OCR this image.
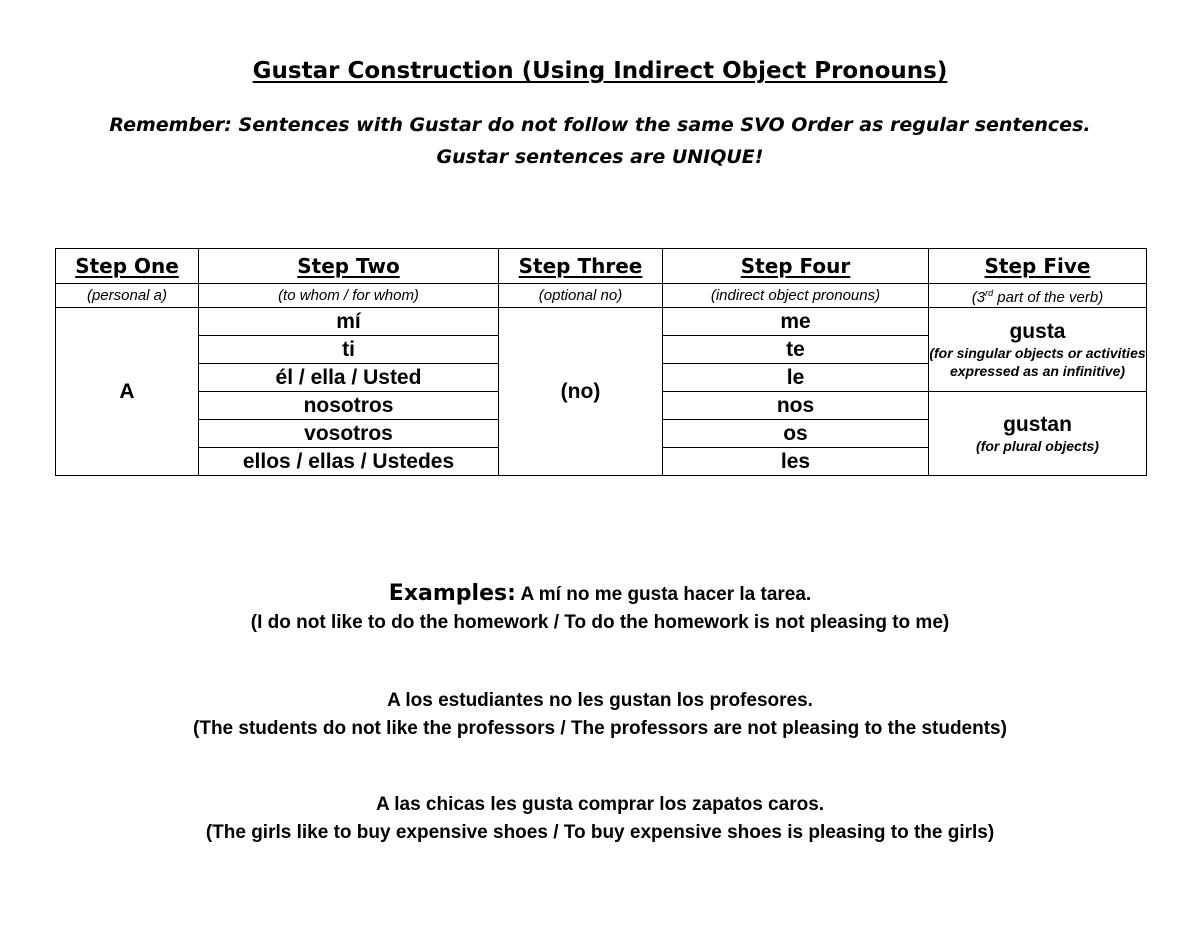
Gustar Construction (Using Indirect Object Pronouns)
Remember: Sentences with Gustar do not follow the same SVO Order as regular sentences.
Gustar sentences are UNIQUE!
Step One	Step Two	Step Three	Step Four	Step Five
(personal a)	(to whom / for whom)	(optional no)	(indirect object pronouns)	(3rd part of the verb)
A	mí	(no)	me	gusta
(for singular objects or activities expressed as an infinitive)

	ti		te	
	él / ella / Usted		le	
	nosotros		nos	gustan
(for plural objects)

	vosotros		os	
	ellos / ellas / Ustedes		les	
Examples: A mí no me gusta hacer la tarea.
(I do not like to do the homework / To do the homework is not pleasing to me)
A los estudiantes no les gustan los profesores.
(The students do not like the professors / The professors are not pleasing to the students)
A las chicas les gusta comprar los zapatos caros.
(The girls like to buy expensive shoes / To buy expensive shoes is pleasing to the girls)
